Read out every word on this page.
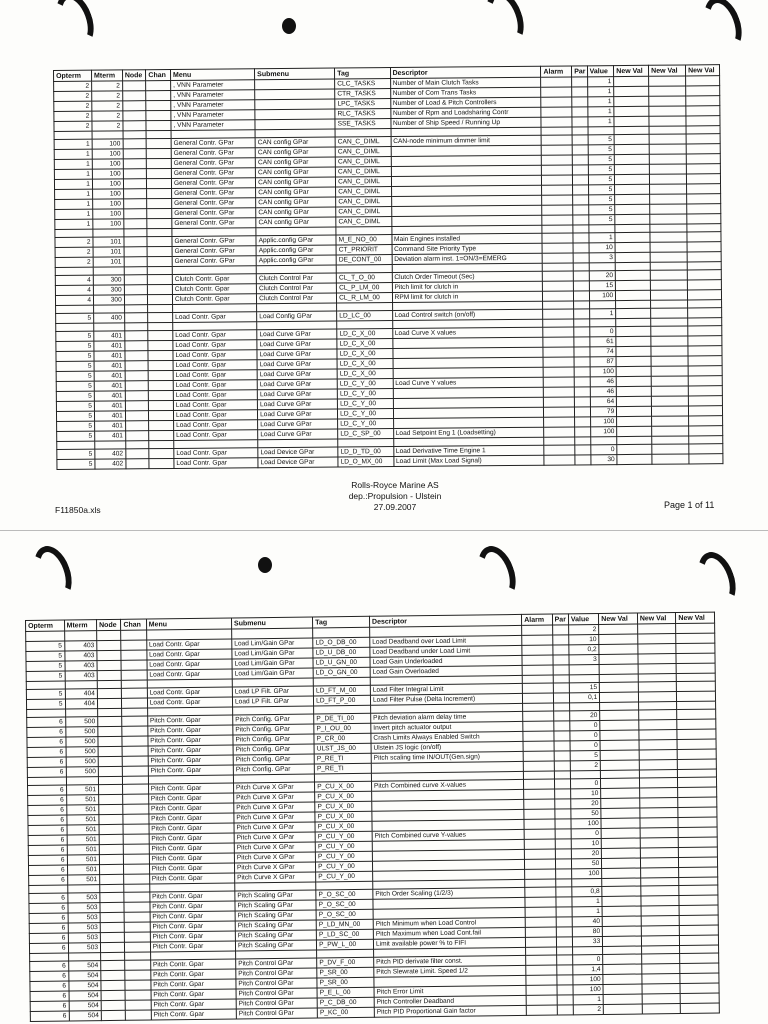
Opterm	Mterm	Node	Chan	Menu	Submenu	Tag	Descriptor	Alarm	Par	Value	New Val	New Val	New Val
2	2			, VNN Parameter		CLC_TASKS	Number of Main Clutch Tasks			1			
2	2			, VNN Parameter		CTR_TASKS	Number of Com Trans Tasks			1			
2	2			, VNN Parameter		LPC_TASKS	Number of Load & Pitch Controllers			1			
2	2			, VNN Parameter		RLC_TASKS	Number of Rpm and Loadsharing Contr			1			
2	2			, VNN Parameter		SSE_TASKS	Number of Ship Speed / Running Up			1			

1	100			General Contr. GPar	CAN config GPar	CAN_C_DIML	CAN-node minimum dimmer limit			5			
1	100			General Contr. GPar	CAN config GPar	CAN_C_DIML				5			
1	100			General Contr. GPar	CAN config GPar	CAN_C_DIML				5			
1	100			General Contr. GPar	CAN config GPar	CAN_C_DIML				5			
1	100			General Contr. GPar	CAN config GPar	CAN_C_DIML				5			
1	100			General Contr. GPar	CAN config GPar	CAN_C_DIML				5			
1	100			General Contr. GPar	CAN config GPar	CAN_C_DIML				5			
1	100			General Contr. GPar	CAN config GPar	CAN_C_DIML				5			
1	100			General Contr. GPar	CAN config GPar	CAN_C_DIML				5			

2	101			General Contr. GPar	Applic.config GPar	M_E_NO_00	Main Engines installed			1			
2	101			General Contr. GPar	Applic.config GPar	CT_PRIORIT	Command Site Priority Type			10			
2	101			General Contr. GPar	Applic.config GPar	DE_CONT_00	Deviation alarm inst. 1=ON/3=EMERG			3			

4	300			Clutch Contr. Gpar	Clutch Control Par	CL_T_O_00	Clutch Order Timeout (Sec)			20			
4	300			Clutch Contr. Gpar	Clutch Control Par	CL_P_LM_00	Pitch limit for clutch in			15			
4	300			Clutch Contr. Gpar	Clutch Control Par	CL_R_LM_00	RPM limit for clutch in			100			

5	400			Load Contr. Gpar	Load Config GPar	LD_LC_00	Load Control switch (on/off)			1			

5	401			Load Contr. Gpar	Load Curve GPar	LD_C_X_00	Load Curve X values			0			
5	401			Load Contr. Gpar	Load Curve GPar	LD_C_X_00				61			
5	401			Load Contr. Gpar	Load Curve GPar	LD_C_X_00				74			
5	401			Load Contr. Gpar	Load Curve GPar	LD_C_X_00				87			
5	401			Load Contr. Gpar	Load Curve GPar	LD_C_X_00				100			
5	401			Load Contr. Gpar	Load Curve GPar	LD_C_Y_00	Load Curve Y values			46			
5	401			Load Contr. Gpar	Load Curve GPar	LD_C_Y_00				46			
5	401			Load Contr. Gpar	Load Curve GPar	LD_C_Y_00				64			
5	401			Load Contr. Gpar	Load Curve GPar	LD_C_Y_00				79			
5	401			Load Contr. Gpar	Load Curve GPar	LD_C_Y_00				100			
5	401			Load Contr. Gpar	Load Curve GPar	LD_C_SP_00	Load Setpoint Eng 1 (Loadsetting)			100			

5	402			Load Contr. Gpar	Load Device GPar	LD_D_TD_00	Load Derivative Time Engine 1			0			
5	402			Load Contr. Gpar	Load Device GPar	LD_O_MX_00	Load Limit (Max Load Signal)			30			
F11850a.xls
Rolls-Royce Marine AS
dep.:Propulsion - Ulstein
27.09.2007	Page 1 of 11
Opterm	Mterm	Node	Chan	Menu	Submenu	Tag	Descriptor	Alarm	Par	Value	New Val	New Val	New Val
										2			
5	403			Load Contr. Gpar	Load Lim/Gain GPar	LD_O_DB_00	Load Deadband over Load Limit			10			
5	403			Load Contr. Gpar	Load Lim/Gain GPar	LD_U_DB_00	Load Deadband under Load Limit			0,2			
5	403			Load Contr. Gpar	Load Lim/Gain GPar	LD_U_GN_00	Load Gain Underloaded			3			
5	403			Load Contr. Gpar	Load Lim/Gain GPar	LD_O_GN_00	Load Gain Overloaded						

5	404			Load Contr. Gpar	Load LP Filt. GPar	LD_FT_M_00	Load Filter Integral Limit			15			
5	404			Load Contr. Gpar	Load LP Filt. GPar	LD_FT_P_00	Load Filter Pulse (Delta Increment)			0,1			

6	500			Pitch Contr. Gpar	Pitch Config. GPar	P_DE_TI_00	Pitch deviation alarm delay time			20			
6	500			Pitch Contr. Gpar	Pitch Config. GPar	P_I_OU_00	Invert pitch actuator output			0			
6	500			Pitch Contr. Gpar	Pitch Config. GPar	P_CR_00	Crash Limits Always Enabled Switch			0			
6	500			Pitch Contr. Gpar	Pitch Config. GPar	ULST_JS_00	Ulstein JS logic (on/off)			0			
6	500			Pitch Contr. Gpar	Pitch Config. GPar	P_RE_TI	Pitch scaling time IN/OUT(Gen.sign)			5			
6	500			Pitch Contr. Gpar	Pitch Config. GPar	P_RE_TI				2			

6	501			Pitch Contr. Gpar	Pitch Curve X GPar	P_CU_X_00	Pitch Combined curve X-values			0			
6	501			Pitch Contr. Gpar	Pitch Curve X GPar	P_CU_X_00				10			
6	501			Pitch Contr. Gpar	Pitch Curve X GPar	P_CU_X_00				20			
6	501			Pitch Contr. Gpar	Pitch Curve X GPar	P_CU_X_00				50			
6	501			Pitch Contr. Gpar	Pitch Curve X GPar	P_CU_X_00				100			
6	501			Pitch Contr. Gpar	Pitch Curve X GPar	P_CU_Y_00	Pitch Combined curve Y-values			0			
6	501			Pitch Contr. Gpar	Pitch Curve X GPar	P_CU_Y_00				10			
6	501			Pitch Contr. Gpar	Pitch Curve X GPar	P_CU_Y_00				20			
6	501			Pitch Contr. Gpar	Pitch Curve X GPar	P_CU_Y_00				50			
6	501			Pitch Contr. Gpar	Pitch Curve X GPar	P_CU_Y_00				100			

6	503			Pitch Contr. Gpar	Pitch Scaling GPar	P_O_SC_00	Pitch Order Scaling (1/2/3)			0,8			
6	503			Pitch Contr. Gpar	Pitch Scaling GPar	P_O_SC_00				1			
6	503			Pitch Contr. Gpar	Pitch Scaling GPar	P_O_SC_00				1			
6	503			Pitch Contr. Gpar	Pitch Scaling GPar	P_LD_MN_00	Pitch Minimum when Load Control			40			
6	503			Pitch Contr. Gpar	Pitch Scaling GPar	P_LD_SC_00	Pitch Maximum when Load Cont.fail			80			
6	503			Pitch Contr. Gpar	Pitch Scaling GPar	P_PW_L_00	Limit available power % to FIFI			33			

6	504			Pitch Contr. Gpar	Pitch Control GPar	P_DV_F_00	Pitch PID derivate filter const.			0			
6	504			Pitch Contr. Gpar	Pitch Control GPar	P_SR_00	Pitch Slewrate Limit. Speed 1/2			1,4			
6	504			Pitch Contr. Gpar	Pitch Control GPar	P_SR_00				100			
6	504			Pitch Contr. Gpar	Pitch Control GPar	P_E_L_00	Pitch Error Limit			100			
6	504			Pitch Contr. Gpar	Pitch Control GPar	P_C_DB_00	Pitch Controller Deadband			1			
6	504			Pitch Contr. Gpar	Pitch Control GPar	P_KC_00	Pitch PID Proportional Gain factor			2			
